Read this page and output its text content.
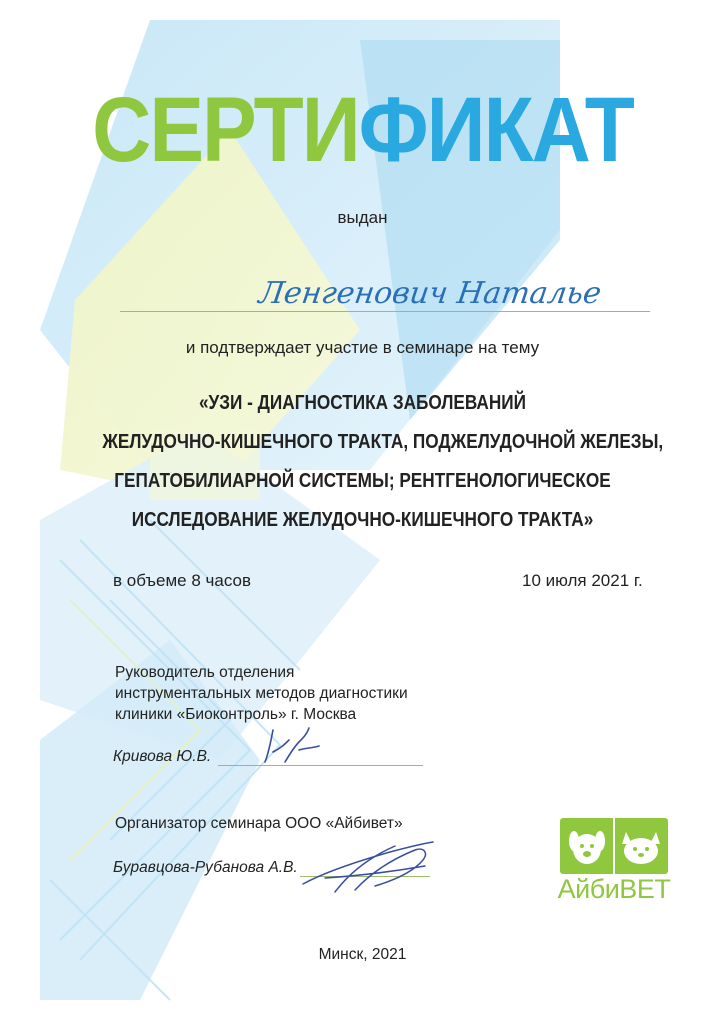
СЕРТИФИКАТ
выдан
Ленгенович Наталье
и подтверждает участие в семинаре на тему
«УЗИ - ДИАГНОСТИКА ЗАБОЛЕВАНИЙ
ЖЕЛУДОЧНО-КИШЕЧНОГО ТРАКТА, ПОДЖЕЛУДОЧНОЙ ЖЕЛЕЗЫ,
ГЕПАТОБИЛИАРНОЙ СИСТЕМЫ; РЕНТГЕНОЛОГИЧЕСКОЕ
ИССЛЕДОВАНИЕ ЖЕЛУДОЧНО-КИШЕЧНОГО ТРАКТА»
в объеме 8 часов	10 июля 2021 г.
Руководитель отделения
инструментальных методов диагностики
клиники «Биоконтроль» г. Москва
Кривова Ю.В.
Организатор семинара ООО «Айбивет»
Буравцова-Рубанова А.В.
АйбиВЕТ
Минск, 2021
